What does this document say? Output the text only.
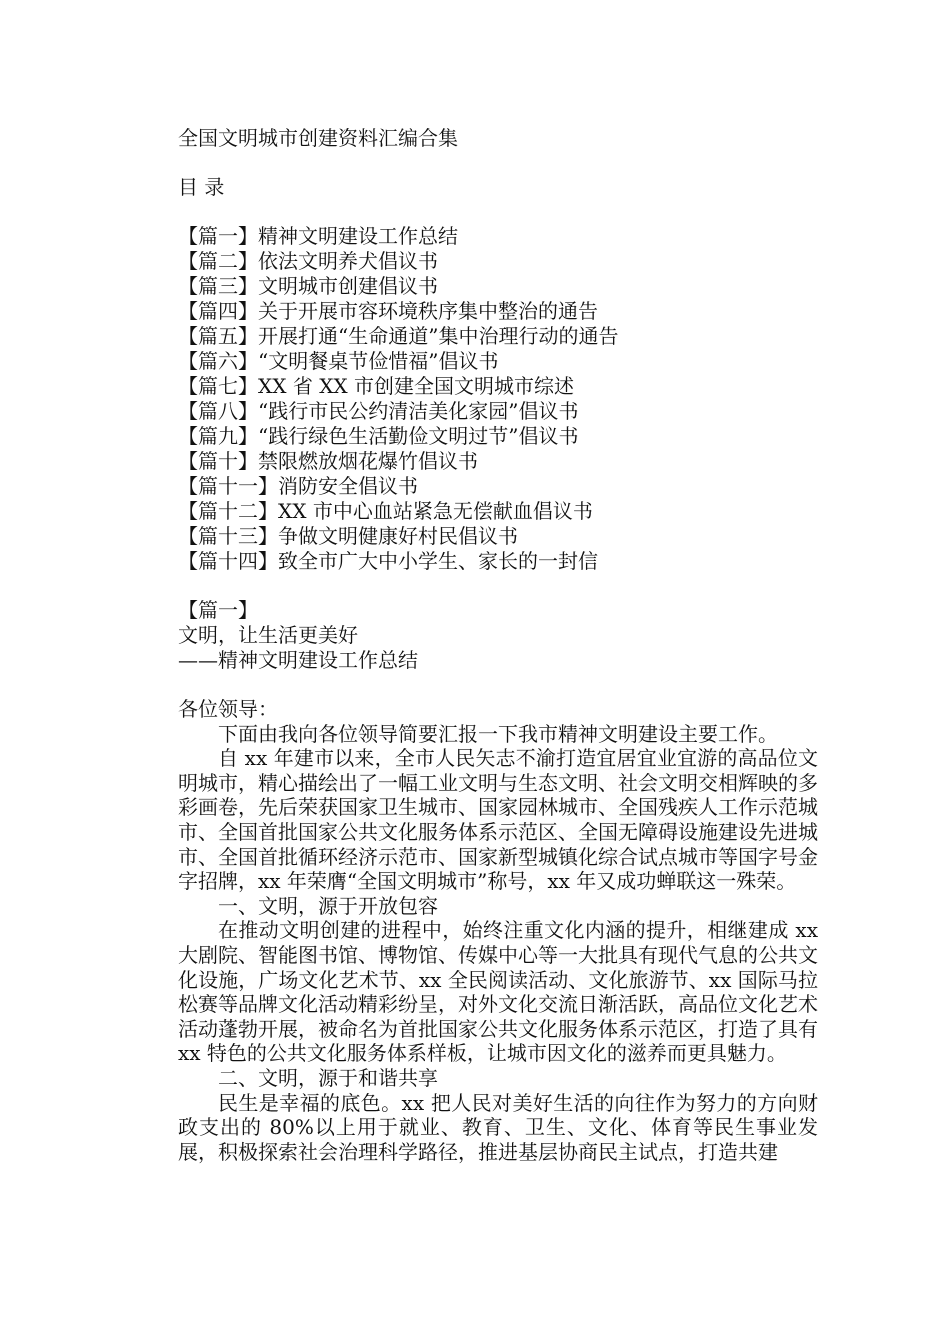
全国文明城市创建资料汇编合集
目 录
【篇一】精神文明建设工作总结
【篇二】依法文明养犬倡议书
【篇三】文明城市创建倡议书
【篇四】关于开展市容环境秩序集中整治的通告
【篇五】开展打通“生命通道”集中治理行动的通告
【篇六】“文明餐桌节俭惜福”倡议书
【篇七】XX 省 XX 市创建全国文明城市综述
【篇八】“践行市民公约清洁美化家园”倡议书
【篇九】“践行绿色生活勤俭文明过节”倡议书
【篇十】禁限燃放烟花爆竹倡议书
【篇十一】消防安全倡议书
【篇十二】XX 市中心血站紧急无偿献血倡议书
【篇十三】争做文明健康好村民倡议书
【篇十四】致全市广大中小学生、家长的一封信
【篇一】
文明，让生活更美好
——精神文明建设工作总结

各位领导：

下面由我向各位领导简要汇报一下我市精神文明建设主要工作。

自 xx 年建市以来，全市人民矢志不渝打造宜居宜业宜游的高品位文明城市，精心描绘出了一幅工业文明与生态文明、社会文明交相辉映的多彩画卷，先后荣获国家卫生城市、国家园林城市、全国残疾人工作示范城市、全国首批国家公共文化服务体系示范区、全国无障碍设施建设先进城市、全国首批循环经济示范市、国家新型城镇化综合试点城市等国字号金字招牌，xx 年荣膺“全国文明城市”称号，xx 年又成功蝉联这一殊荣。

一、文明，源于开放包容

在推动文明创建的进程中，始终注重文化内涵的提升，相继建成 xx 大剧院、智能图书馆、博物馆、传媒中心等一大批具有现代气息的公共文化设施，广场文化艺术节、xx 全民阅读活动、文化旅游节、xx 国际马拉松赛等品牌文化活动精彩纷呈，对外文化交流日渐活跃，高品位文化艺术活动蓬勃开展，被命名为首批国家公共文化服务体系示范区，打造了具有 xx 特色的公共文化服务体系样板，让城市因文化的滋养而更具魅力。

二、文明，源于和谐共享

民生是幸福的底色。xx 把人民对美好生活的向往作为努力的方向财政支出的 80%以上用于就业、教育、卫生、文化、体育等民生事业发展，积极探索社会治理科学路径，推进基层协商民主试点，打造共建
